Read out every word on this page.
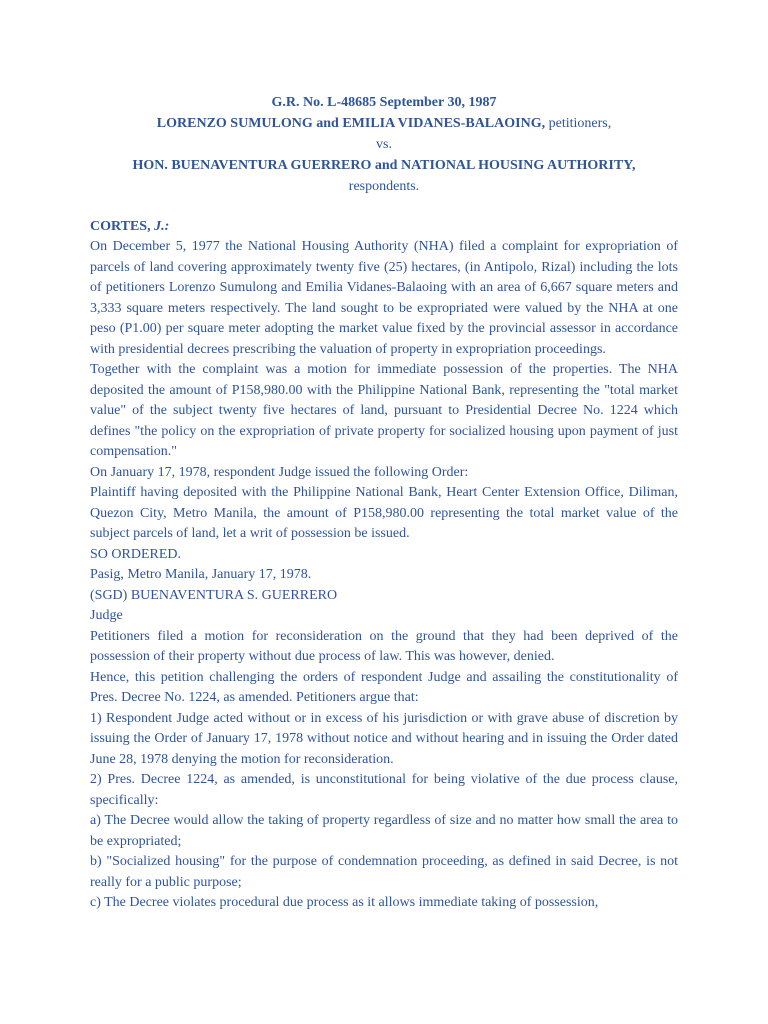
G.R. No. L-48685 September 30, 1987
LORENZO SUMULONG and EMILIA VIDANES-BALAOING, petitioners,
vs.
HON. BUENAVENTURA GUERRERO and NATIONAL HOUSING AUTHORITY,
respondents.
CORTES, J.:

On December 5, 1977 the National Housing Authority (NHA) filed a complaint for expropriation of parcels of land covering approximately twenty five (25) hectares, (in Antipolo, Rizal) including the lots of petitioners Lorenzo Sumulong and Emilia Vidanes-Balaoing with an area of 6,667 square meters and 3,333 square meters respectively. The land sought to be expropriated were valued by the NHA at one peso (P1.00) per square meter adopting the market value fixed by the provincial assessor in accordance with presidential decrees prescribing the valuation of property in expropriation proceedings.

Together with the complaint was a motion for immediate possession of the properties. The NHA deposited the amount of P158,980.00 with the Philippine National Bank, representing the "total market value" of the subject twenty five hectares of land, pursuant to Presidential Decree No. 1224 which defines "the policy on the expropriation of private property for socialized housing upon payment of just compensation."

On January 17, 1978, respondent Judge issued the following Order:

Plaintiff having deposited with the Philippine National Bank, Heart Center Extension Office, Diliman, Quezon City, Metro Manila, the amount of P158,980.00 representing the total market value of the subject parcels of land, let a writ of possession be issued.

SO ORDERED.

Pasig, Metro Manila, January 17, 1978.

(SGD) BUENAVENTURA S. GUERRERO

Judge

Petitioners filed a motion for reconsideration on the ground that they had been deprived of the possession of their property without due process of law. This was however, denied.

Hence, this petition challenging the orders of respondent Judge and assailing the constitutionality of Pres. Decree No. 1224, as amended. Petitioners argue that:

1) Respondent Judge acted without or in excess of his jurisdiction or with grave abuse of discretion by issuing the Order of January 17, 1978 without notice and without hearing and in issuing the Order dated June 28, 1978 denying the motion for reconsideration.

2) Pres. Decree 1224, as amended, is unconstitutional for being violative of the due process clause, specifically:

a) The Decree would allow the taking of property regardless of size and no matter how small the area to be expropriated;

b) "Socialized housing" for the purpose of condemnation proceeding, as defined in said Decree, is not really for a public purpose;

c) The Decree violates procedural due process as it allows immediate taking of possession,
